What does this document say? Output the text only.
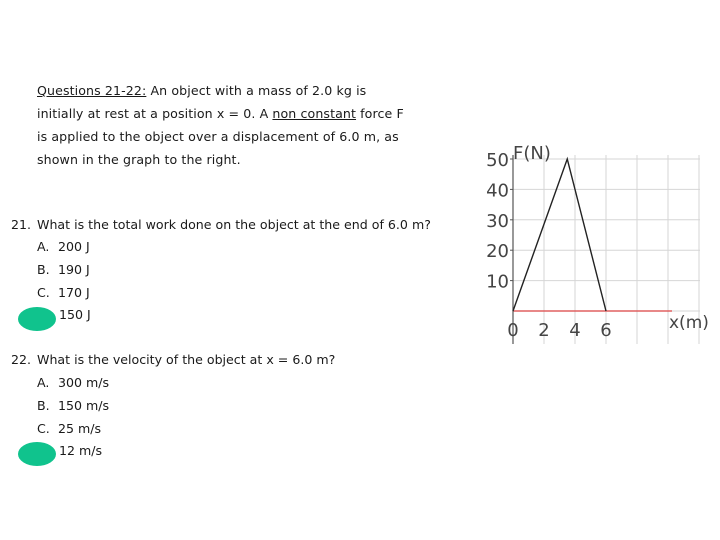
Questions 21-22: An object with a mass of 2.0 kg is
initially at rest at a position x = 0. A non constant force F
is applied to the object over a displacement of 6.0 m, as
shown in the graph to the right.
21. What is the total work done on the object at the end of 6.0 m?
A. 200 J
B. 190 J
C. 170 J
150 J
22. What is the velocity of the object at x = 6.0 m?
A. 300 m/s
B. 150 m/s
C. 25 m/s
12 m/s
50
40
30
20
10
0 2 4 6
F(N)
x(m)
